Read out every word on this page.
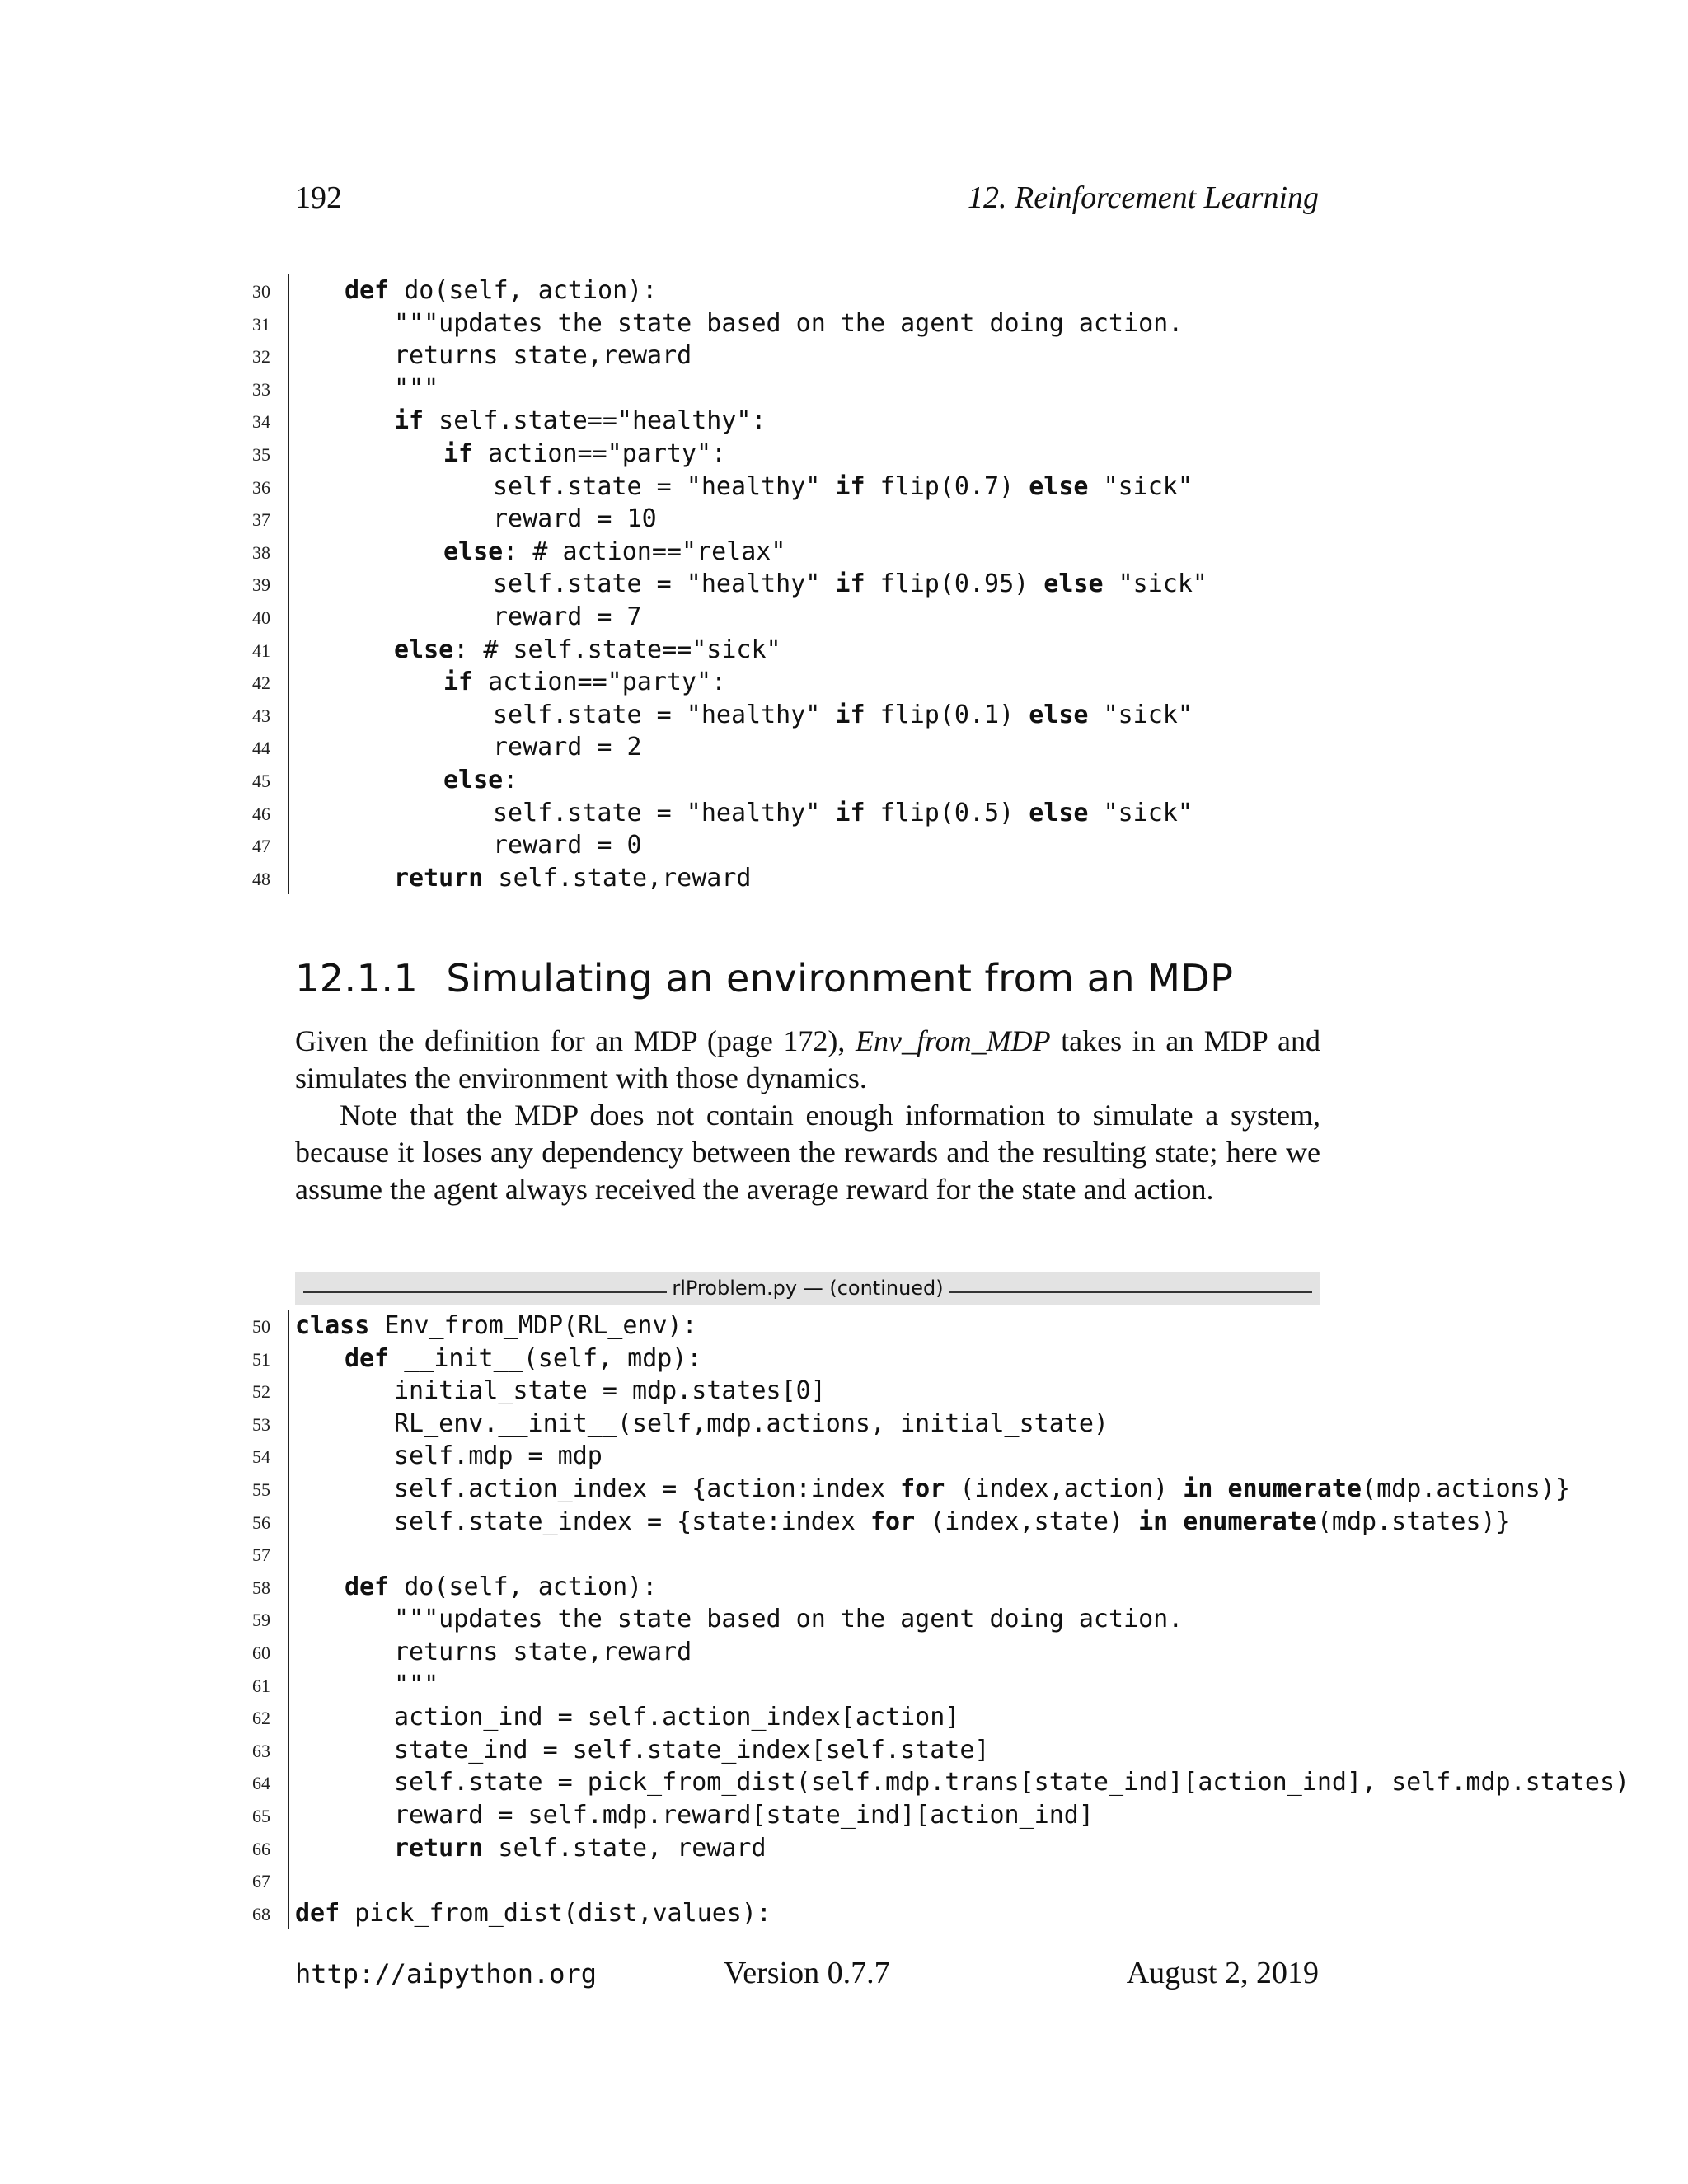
192	12. Reinforcement Learning
30	def do(self, action):
31	"""updates the state based on the agent doing action.
32	returns state,reward
33	"""
34	if self.state=="healthy":
35	if action=="party":
36	self.state = "healthy" if flip(0.7) else "sick"
37	reward = 10
38	else: # action=="relax"
39	self.state = "healthy" if flip(0.95) else "sick"
40	reward = 7
41	else: # self.state=="sick"
42	if action=="party":
43	self.state = "healthy" if flip(0.1) else "sick"
44	reward = 2
45	else:
46	self.state = "healthy" if flip(0.5) else "sick"
47	reward = 0
48	return self.state,reward
12.1.1 Simulating an environment from an MDP
Given the definition for an MDP (page 172), Env_from_MDP takes in an MDP and simulates the environment with those dynamics.
Note that the MDP does not contain enough information to simulate a system, because it loses any dependency between the rewards and the resulting state; here we assume the agent always received the average reward for the state and action.
rlProblem.py — (continued)
50 class Env_from_MDP(RL_env):
51	def __init__(self, mdp):
52	initial_state = mdp.states[0]
53	RL_env.__init__(self,mdp.actions, initial_state)
54	self.mdp = mdp
55	self.action_index = {action:index for (index,action) in enumerate(mdp.actions)}
56	self.state_index = {state:index for (index,state) in enumerate(mdp.states)}
57
58	def do(self, action):
59	"""updates the state based on the agent doing action.
60	returns state,reward
61	"""
62	action_ind = self.action_index[action]
63	state_ind = self.state_index[self.state]
64	self.state = pick_from_dist(self.mdp.trans[state_ind][action_ind], self.mdp.states)
65	reward = self.mdp.reward[state_ind][action_ind]
66	return self.state, reward
67
68 def pick_from_dist(dist,values):
http://aipython.org	Version 0.7.7	August 2, 2019
